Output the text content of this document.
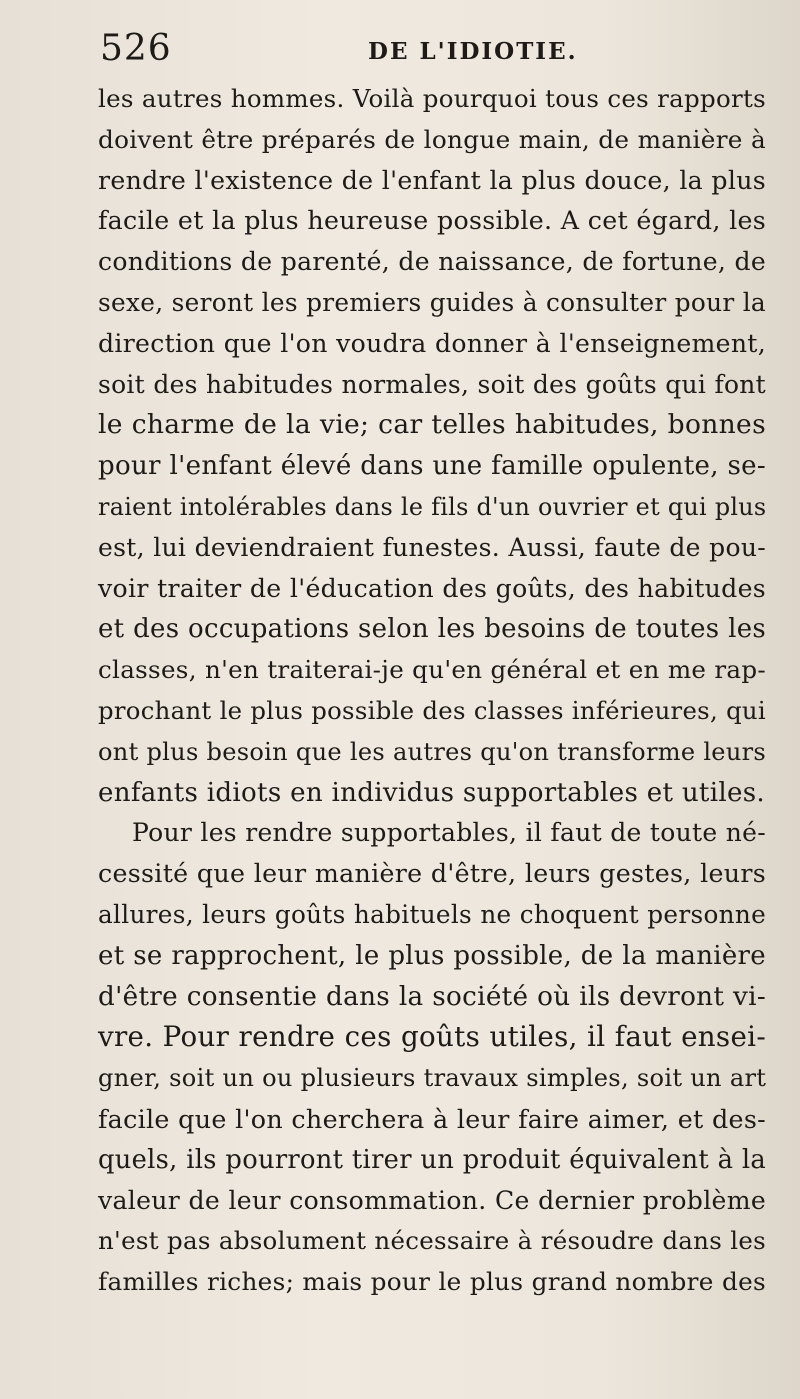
526	DE L'IDIOTIE.
les autres hommes. Voilà pourquoi tous ces rapports
doivent être préparés de longue main, de manière à
rendre l'existence de l'enfant la plus douce, la plus
facile et la plus heureuse possible. A cet égard, les
conditions de parenté, de naissance, de fortune, de
sexe, seront les premiers guides à consulter pour la
direction que l'on voudra donner à l'enseignement,
soit des habitudes normales, soit des goûts qui font
le charme de la vie; car telles habitudes, bonnes
pour l'enfant élevé dans une famille opulente, se-
raient intolérables dans le fils d'un ouvrier et qui plus
est, lui deviendraient funestes. Aussi, faute de pou-
voir traiter de l'éducation des goûts, des habitudes
et des occupations selon les besoins de toutes les
classes, n'en traiterai-je qu'en général et en me rap-
prochant le plus possible des classes inférieures, qui
ont plus besoin que les autres qu'on transforme leurs
enfants idiots en individus supportables et utiles.
Pour les rendre supportables, il faut de toute né-
cessité que leur manière d'être, leurs gestes, leurs
allures, leurs goûts habituels ne choquent personne
et se rapprochent, le plus possible, de la manière
d'être consentie dans la société où ils devront vi-
vre. Pour rendre ces goûts utiles, il faut ensei-
gner, soit un ou plusieurs travaux simples, soit un art
facile que l'on cherchera à leur faire aimer, et des-
quels, ils pourront tirer un produit équivalent à la
valeur de leur consommation. Ce dernier problème
n'est pas absolument nécessaire à résoudre dans les
familles riches; mais pour le plus grand nombre des
